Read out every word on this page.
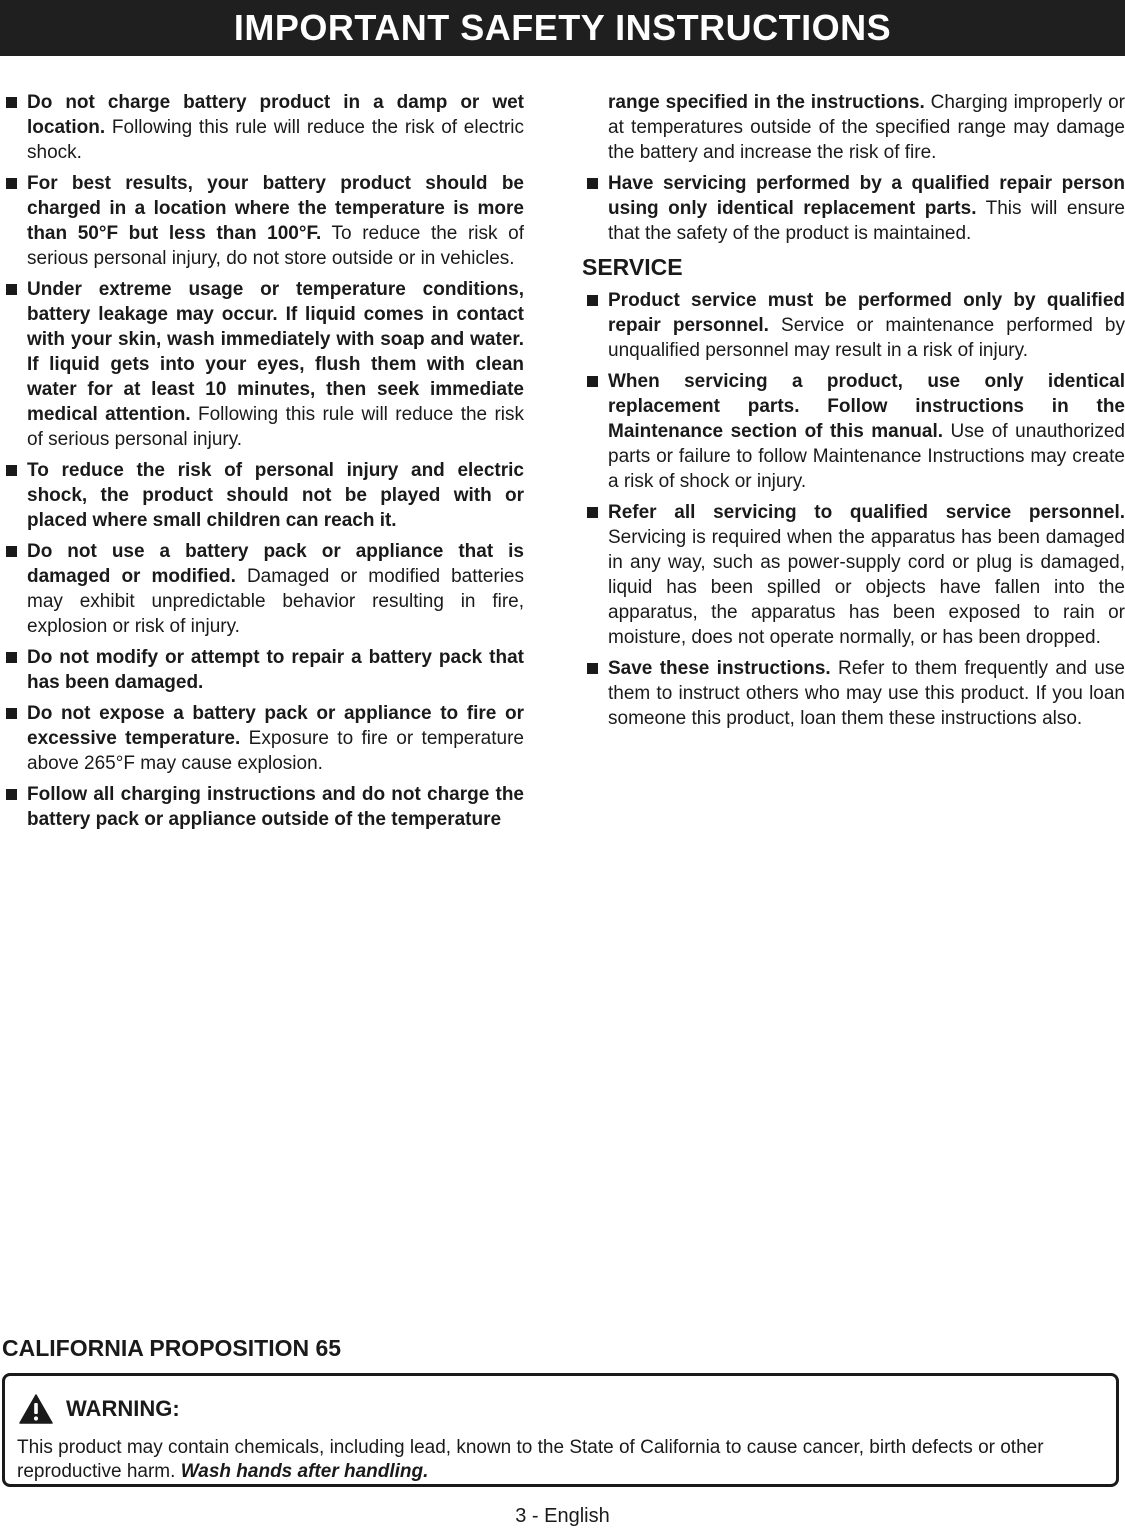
IMPORTANT SAFETY INSTRUCTIONS
Do not charge battery product in a damp or wet location. Following this rule will reduce the risk of electric shock.
For best results, your battery product should be charged in a location where the temperature is more than 50°F but less than 100°F. To reduce the risk of serious personal injury, do not store outside or in vehicles.
Under extreme usage or temperature conditions, battery leakage may occur. If liquid comes in contact with your skin, wash immediately with soap and water. If liquid gets into your eyes, flush them with clean water for at least 10 minutes, then seek immediate medical attention. Following this rule will reduce the risk of serious personal injury.
To reduce the risk of personal injury and electric shock, the product should not be played with or placed where small children can reach it.
Do not use a battery pack or appliance that is damaged or modified. Damaged or modified batteries may exhibit unpredictable behavior resulting in fire, explosion or risk of injury.
Do not modify or attempt to repair a battery pack that has been damaged.
Do not expose a battery pack or appliance to fire or excessive temperature. Exposure to fire or temperature above 265°F may cause explosion.
Follow all charging instructions and do not charge the battery pack or appliance outside of the temperature
range specified in the instructions. Charging improperly or at temperatures outside of the specified range may damage the battery and increase the risk of fire.
Have servicing performed by a qualified repair person using only identical replacement parts. This will ensure that the safety of the product is maintained.
SERVICE
Product service must be performed only by qualified repair personnel. Service or maintenance performed by unqualified personnel may result in a risk of injury.
When servicing a product, use only identical replacement parts. Follow instructions in the Maintenance section of this manual. Use of unauthorized parts or failure to follow Maintenance Instructions may create a risk of shock or injury.
Refer all servicing to qualified service personnel. Servicing is required when the apparatus has been damaged in any way, such as power-supply cord or plug is damaged, liquid has been spilled or objects have fallen into the apparatus, the apparatus has been exposed to rain or moisture, does not operate normally, or has been dropped.
Save these instructions. Refer to them frequently and use them to instruct others who may use this product. If you loan someone this product, loan them these instructions also.
CALIFORNIA PROPOSITION 65
WARNING:
This product may contain chemicals, including lead, known to the State of California to cause cancer, birth defects or other reproductive harm. Wash hands after handling.
3 - English
